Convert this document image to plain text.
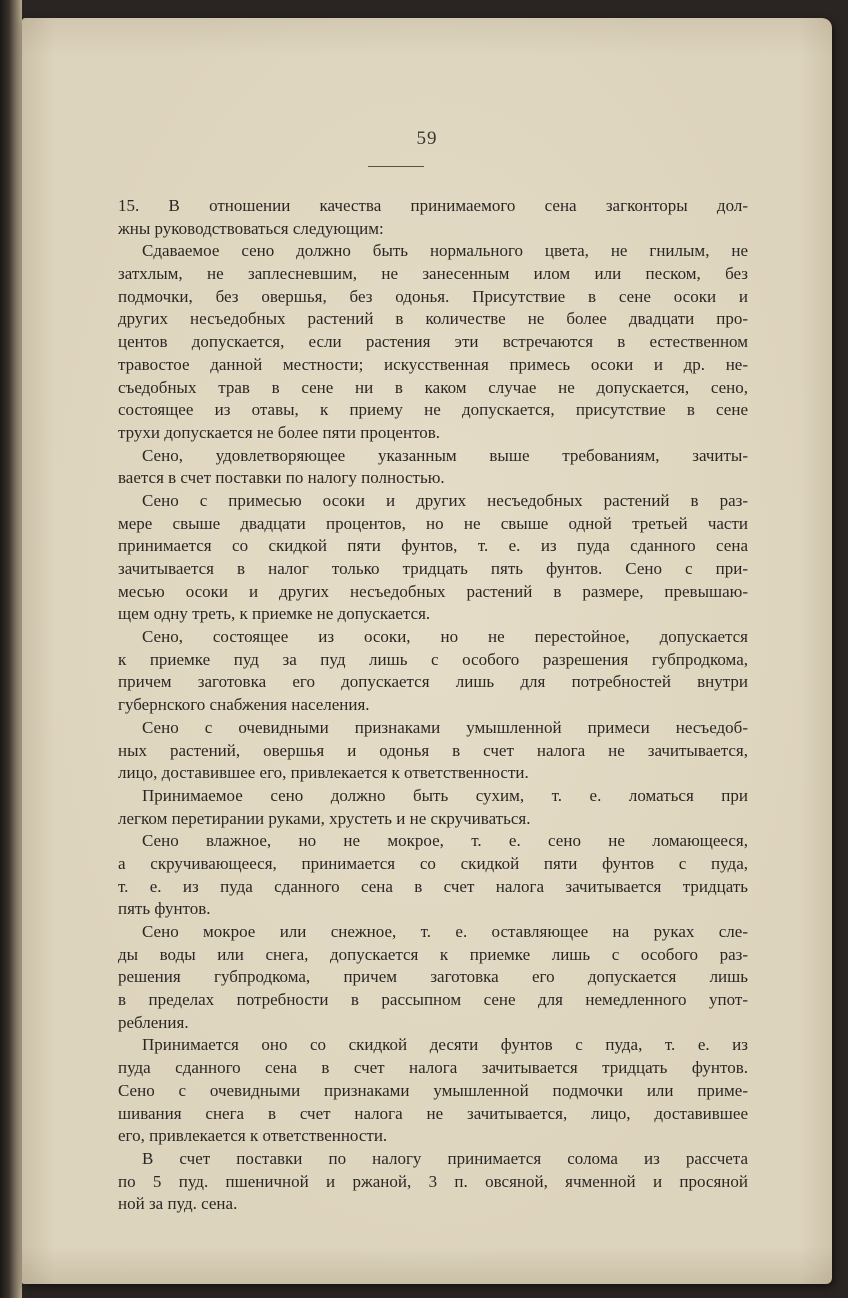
59
15. В отношении качества принимаемого сена загконторы дол-
жны руководствоваться следующим:
Сдаваемое сено должно быть нормального цвета, не гнилым, не
затхлым, не заплесневшим, не занесенным илом или песком, без
подмочки, без овершья, без одонья. Присутствие в сене осоки и
других несъедобных растений в количестве не более двадцати про-
центов допускается, если растения эти встречаются в естественном
травостое данной местности; искусственная примесь осоки и др. не-
съедобных трав в сене ни в каком случае не допускается, сено,
состоящее из отавы, к приему не допускается, присутствие в сене
трухи допускается не более пяти процентов.
Сено, удовлетворяющее указанным выше требованиям, зачиты-
вается в счет поставки по налогу полностью.
Сено с примесью осоки и других несъедобных растений в раз-
мере свыше двадцати процентов, но не свыше одной третьей части
принимается со скидкой пяти фунтов, т. е. из пуда сданного сена
зачитывается в налог только тридцать пять фунтов. Сено с при-
месью осоки и других несъедобных растений в размере, превышаю-
щем одну треть, к приемке не допускается.
Сено, состоящее из осоки, но не перестойное, допускается
к приемке пуд за пуд лишь с особого разрешения губпродкома,
причем заготовка его допускается лишь для потребностей внутри
губернского снабжения населения.
Сено с очевидными признаками умышленной примеси несъедоб-
ных растений, овершья и одонья в счет налога не зачитывается,
лицо, доставившее его, привлекается к ответственности.
Принимаемое сено должно быть сухим, т. е. ломаться при
легком перетирании руками, хрустеть и не скручиваться.
Сено влажное, но не мокрое, т. е. сено не ломающееся,
а скручивающееся, принимается со скидкой пяти фунтов с пуда,
т. е. из пуда сданного сена в счет налога зачитывается тридцать
пять фунтов.
Сено мокрое или снежное, т. е. оставляющее на руках сле-
ды воды или снега, допускается к приемке лишь с особого раз-
решения губпродкома, причем заготовка его допускается лишь
в пределах потребности в рассыпном сене для немедленного упот-
ребления.
Принимается оно со скидкой десяти фунтов с пуда, т. е. из
пуда сданного сена в счет налога зачитывается тридцать фунтов.
Сено с очевидными признаками умышленной подмочки или приме-
шивания снега в счет налога не зачитывается, лицо, доставившее
его, привлекается к ответственности.
В счет поставки по налогу принимается солома из рассчета
по 5 пуд. пшеничной и ржаной, 3 п. овсяной, ячменной и просяной
ной за пуд. сена.
